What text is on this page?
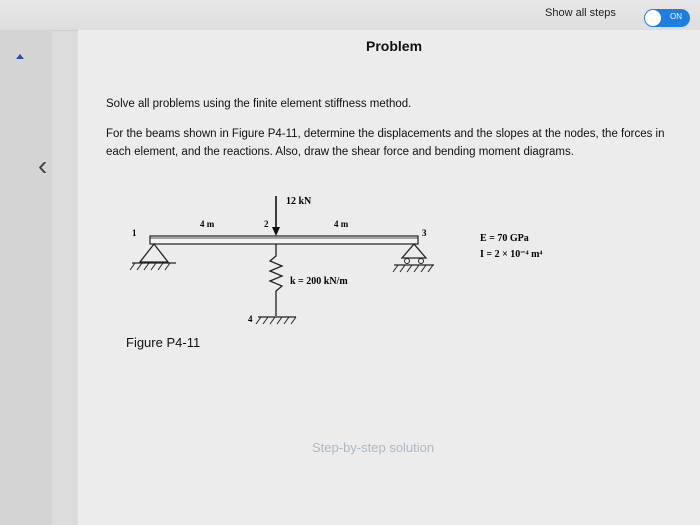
Show all steps	ON
‹
Problem
Solve all problems using the finite element stiffness method.
For the beams shown in Figure P4-11, determine the displacements and the slopes at the nodes, the forces in each element, and the reactions. Also, draw the shear force and bending moment diagrams.
12 kN
4 m	4 m
1
2
3
4
k = 200 kN/m
E = 70 GPa
I = 2 × 10⁻⁴ m⁴
Figure P4-11
Step-by-step solution
